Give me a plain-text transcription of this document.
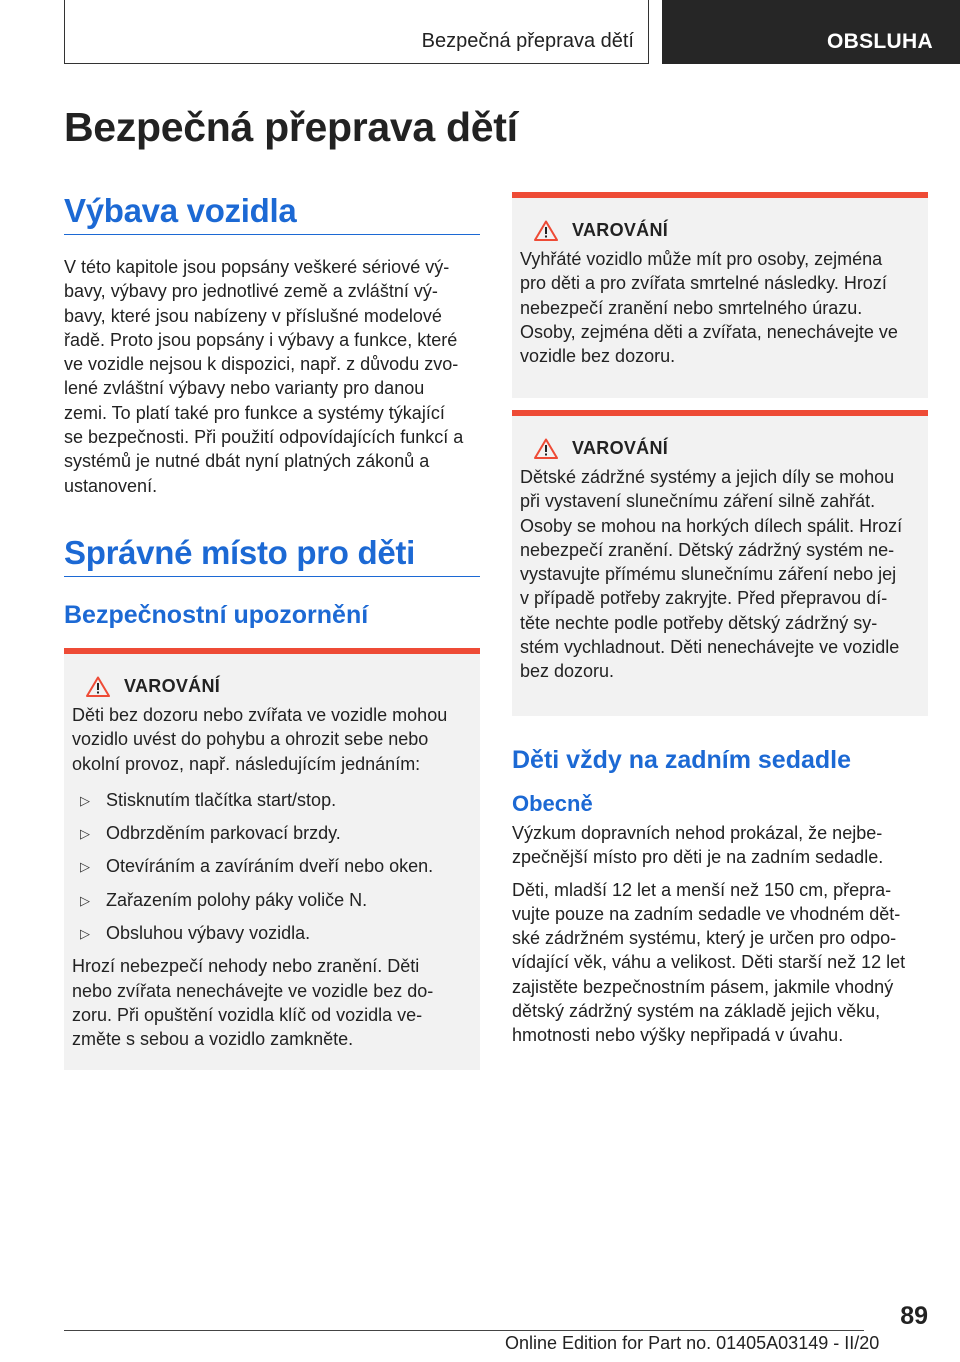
Bezpečná přeprava dětí	OBSLUHA
Bezpečná přeprava dětí
Výbava vozidla

V této kapitole jsou popsány veškeré sériové vý-
bavy, výbavy pro jednotlivé země a zvláštní vý-
bavy, které jsou nabízeny v příslušné modelové
řadě. Proto jsou popsány i výbavy a funkce, které
ve vozidle nejsou k dispozici, např. z důvodu zvo-
lené zvláštní výbavy nebo varianty pro danou
zemi. To platí také pro funkce a systémy týkající
se bezpečnosti. Při použití odpovídajících funkcí a
systémů je nutné dbát nyní platných zákonů a
ustanovení.

Správné místo pro děti
Bezpečnostní upozornění
VAROVÁNÍ

Děti bez dozoru nebo zvířata ve vozidle mohou
vozidlo uvést do pohybu a ohrozit sebe nebo
okolní provoz, např. následujícím jednáním:

▷ Stisknutím tlačítka start/stop.
▷ Odbrzděním parkovací brzdy.
▷ Otevíráním a zavíráním dveří nebo oken.
▷ Zařazením polohy páky voliče N.
▷ Obsluhou výbavy vozidla.

Hrozí nebezpečí nehody nebo zranění. Děti
nebo zvířata nenechávejte ve vozidle bez do-
zoru. Při opuštění vozidla klíč od vozidla ve-
změte s sebou a vozidlo zamkněte.

VAROVÁNÍ

Vyhřáté vozidlo může mít pro osoby, zejména
pro děti a pro zvířata smrtelné následky. Hrozí
nebezpečí zranění nebo smrtelného úrazu.
Osoby, zejména děti a zvířata, nenechávejte ve
vozidle bez dozoru.

VAROVÁNÍ

Dětské zádržné systémy a jejich díly se mohou
při vystavení slunečnímu záření silně zahřát.
Osoby se mohou na horkých dílech spálit. Hrozí
nebezpečí zranění. Dětský zádržný systém ne-
vystavujte přímému slunečnímu záření nebo jej
v případě potřeby zakryjte. Před přepravou dí-
těte nechte podle potřeby dětský zádržný sy-
stém vychladnout. Děti nenechávejte ve vozidle
bez dozoru.

Děti vždy na zadním sedadle
Obecně

Výzkum dopravních nehod prokázal, že nejbe-
zpečnější místo pro děti je na zadním sedadle.

Děti, mladší 12 let a menší než 150 cm, přepra-
vujte pouze na zadním sedadle ve vhodném dět-
ské zádržném systému, který je určen pro odpo-
vídající věk, váhu a velikost. Děti starší než 12 let
zajistěte bezpečnostním pásem, jakmile vhodný
dětský zádržný systém na základě jejich věku,
hmotnosti nebo výšky nepřipadá v úvahu.

89
Online Edition for Part no. 01405A03149 - II/20
